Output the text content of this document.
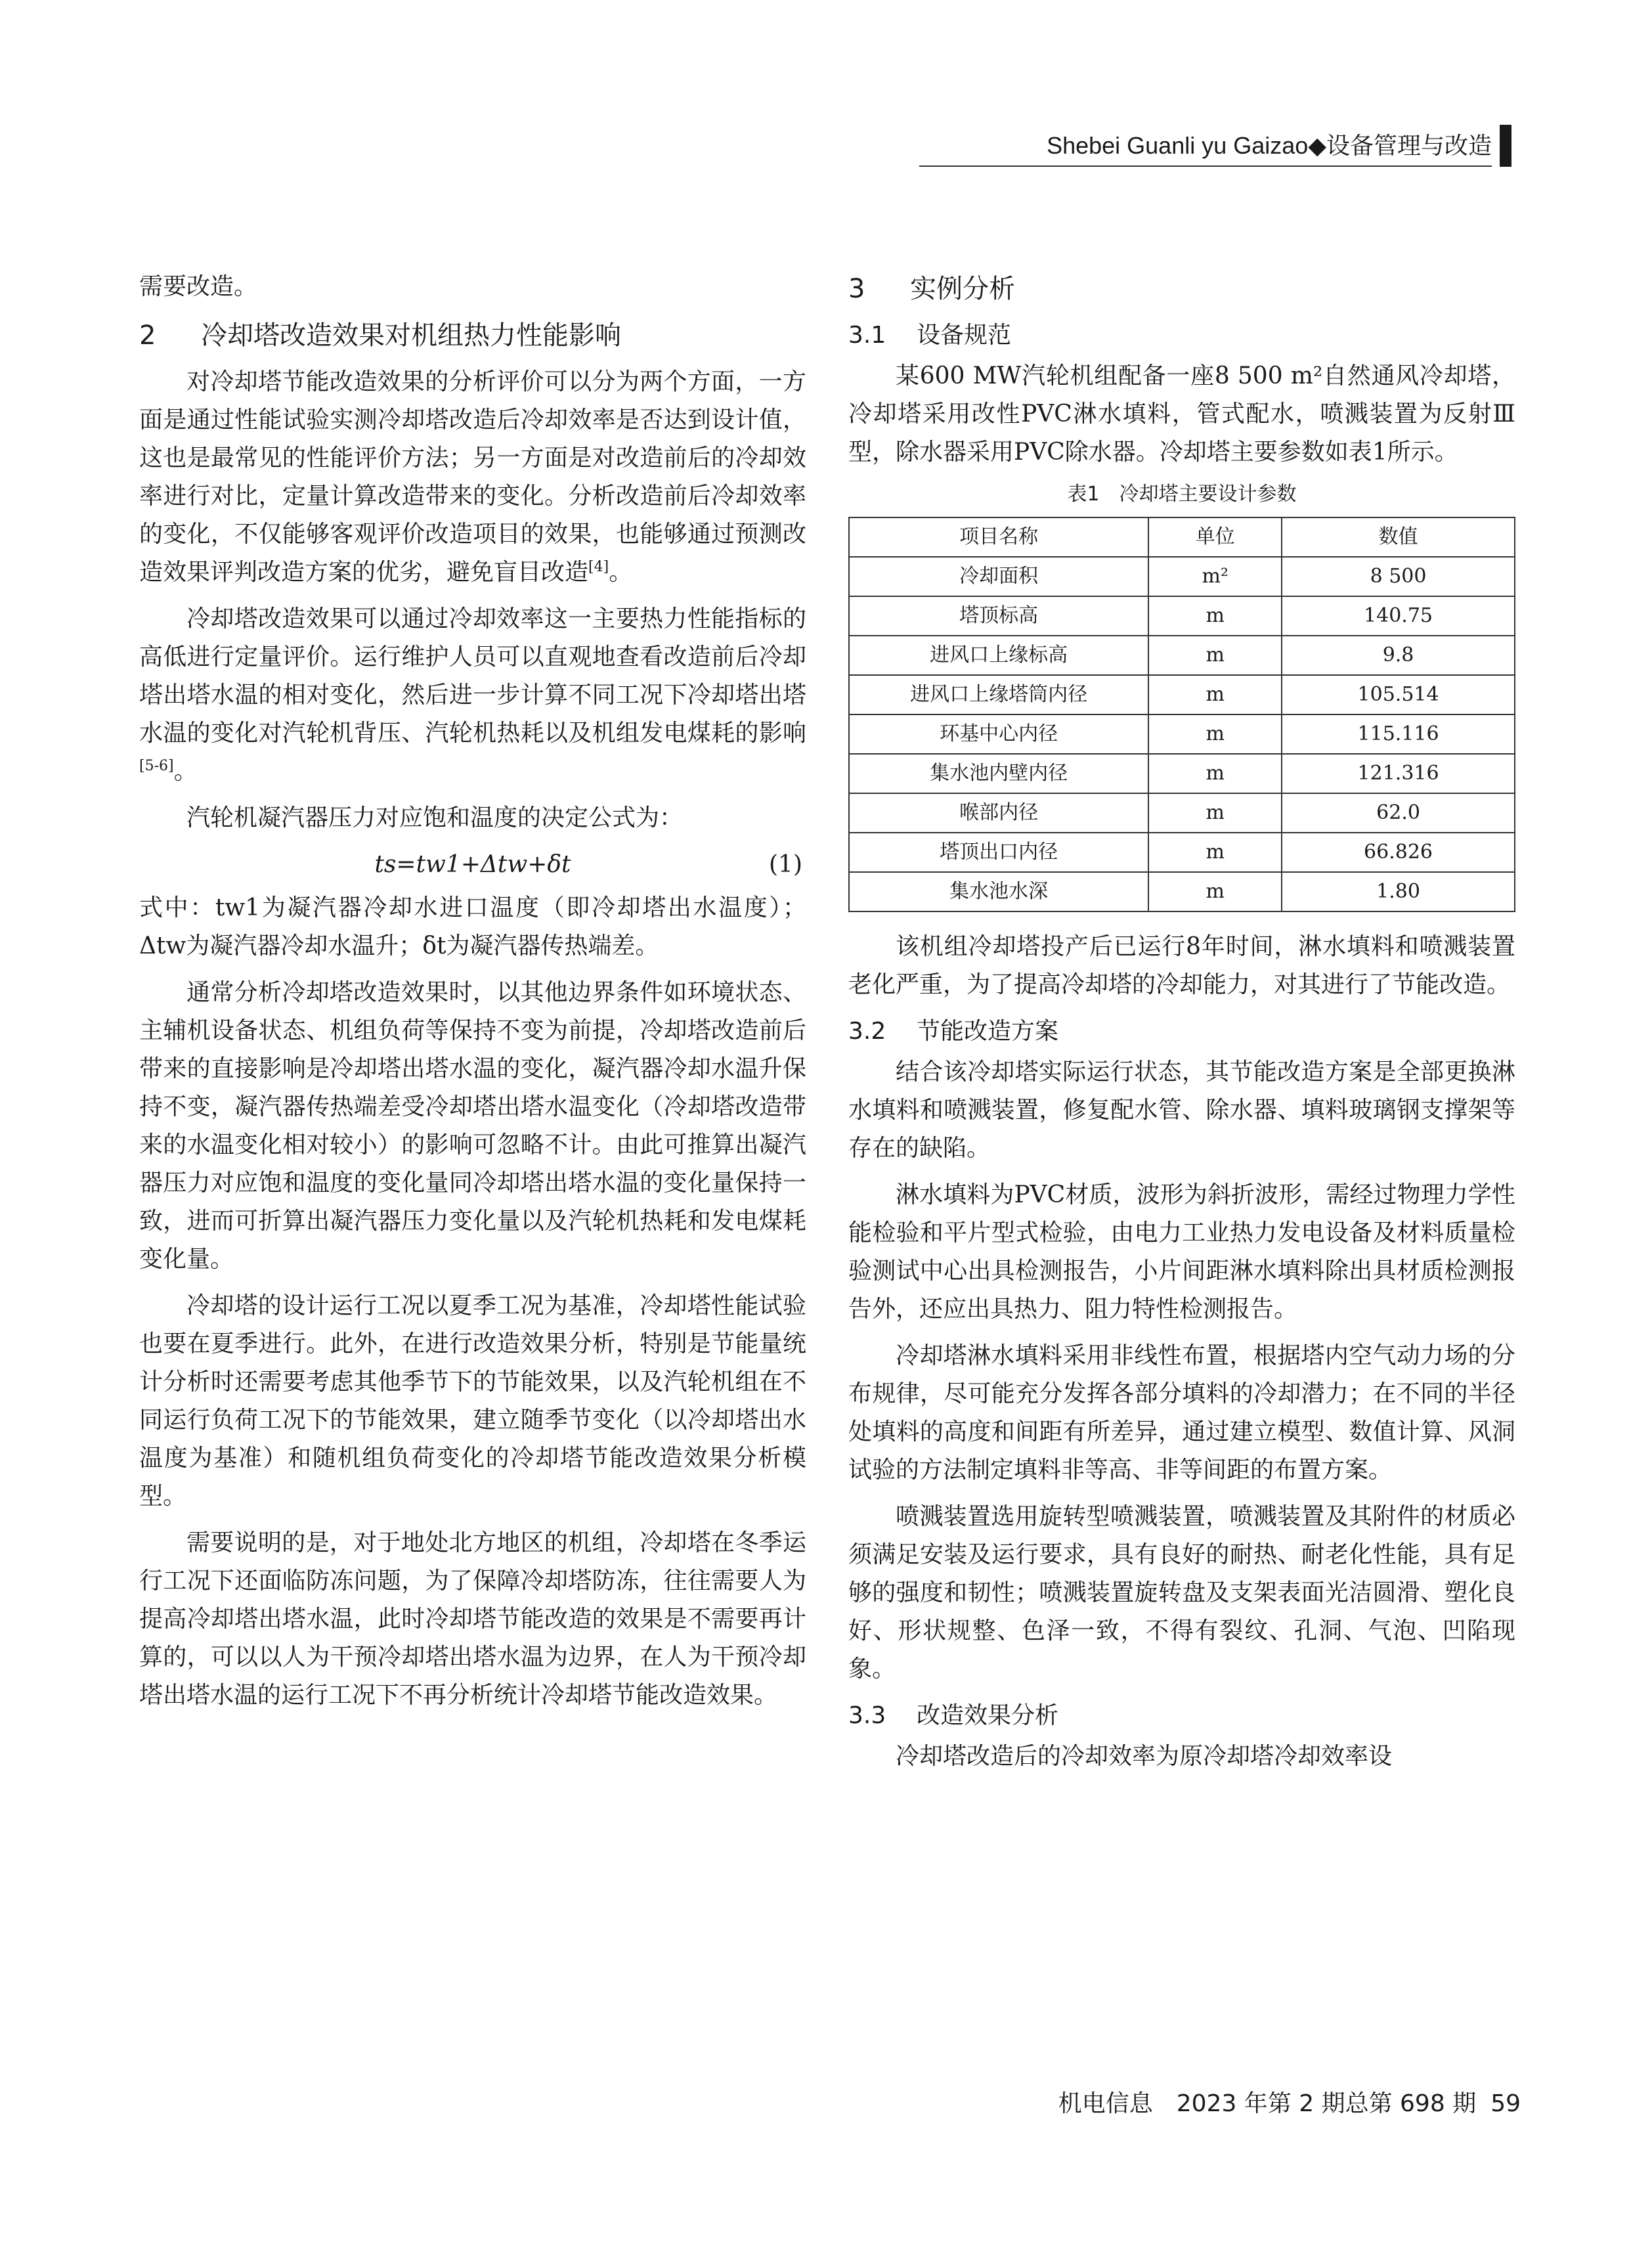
Shebei Guanli yu Gaizao◆设备管理与改造

需要改造。

2 冷却塔改造效果对机组热力性能影响

对冷却塔节能改造效果的分析评价可以分为两个方面，一方面是通过性能试验实测冷却塔改造后冷却效率是否达到设计值，这也是最常见的性能评价方法；另一方面是对改造前后的冷却效率进行对比，定量计算改造带来的变化。分析改造前后冷却效率的变化，不仅能够客观评价改造项目的效果，也能够通过预测改造效果评判改造方案的优劣，避免盲目改造[4]。

冷却塔改造效果可以通过冷却效率这一主要热力性能指标的高低进行定量评价。运行维护人员可以直观地查看改造前后冷却塔出塔水温的相对变化，然后进一步计算不同工况下冷却塔出塔水温的变化对汽轮机背压、汽轮机热耗以及机组发电煤耗的影响[5-6]。

汽轮机凝汽器压力对应饱和温度的决定公式为：

ts=tw1+Δtw+δt	(1)

式中：tw1为凝汽器冷却水进口温度（即冷却塔出水温度）；Δtw为凝汽器冷却水温升；δt为凝汽器传热端差。

通常分析冷却塔改造效果时，以其他边界条件如环境状态、主辅机设备状态、机组负荷等保持不变为前提，冷却塔改造前后带来的直接影响是冷却塔出塔水温的变化，凝汽器冷却水温升保持不变，凝汽器传热端差受冷却塔出塔水温变化（冷却塔改造带来的水温变化相对较小）的影响可忽略不计。由此可推算出凝汽器压力对应饱和温度的变化量同冷却塔出塔水温的变化量保持一致，进而可折算出凝汽器压力变化量以及汽轮机热耗和发电煤耗变化量。

冷却塔的设计运行工况以夏季工况为基准，冷却塔性能试验也要在夏季进行。此外，在进行改造效果分析，特别是节能量统计分析时还需要考虑其他季节下的节能效果，以及汽轮机组在不同运行负荷工况下的节能效果，建立随季节变化（以冷却塔出水温度为基准）和随机组负荷变化的冷却塔节能改造效果分析模型。

需要说明的是，对于地处北方地区的机组，冷却塔在冬季运行工况下还面临防冻问题，为了保障冷却塔防冻，往往需要人为提高冷却塔出塔水温，此时冷却塔节能改造的效果是不需要再计算的，可以以人为干预冷却塔出塔水温为边界，在人为干预冷却塔出塔水温的运行工况下不再分析统计冷却塔节能改造效果。

3 实例分析
3.1 设备规范

某600 MW汽轮机组配备一座8 500 m²自然通风冷却塔，冷却塔采用改性PVC淋水填料，管式配水，喷溅装置为反射Ⅲ型，除水器采用PVC除水器。冷却塔主要参数如表1所示。

表1　冷却塔主要设计参数
项目名称	单位	数值
冷却面积	m²	8 500
塔顶标高	m	140.75
进风口上缘标高	m	9.8
进风口上缘塔筒内径	m	105.514
环基中心内径	m	115.116
集水池内壁内径	m	121.316
喉部内径	m	62.0
塔顶出口内径	m	66.826
集水池水深	m	1.80

该机组冷却塔投产后已运行8年时间，淋水填料和喷溅装置老化严重，为了提高冷却塔的冷却能力，对其进行了节能改造。

3.2 节能改造方案

结合该冷却塔实际运行状态，其节能改造方案是全部更换淋水填料和喷溅装置，修复配水管、除水器、填料玻璃钢支撑架等存在的缺陷。

淋水填料为PVC材质，波形为斜折波形，需经过物理力学性能检验和平片型式检验，由电力工业热力发电设备及材料质量检验测试中心出具检测报告，小片间距淋水填料除出具材质检测报告外，还应出具热力、阻力特性检测报告。

冷却塔淋水填料采用非线性布置，根据塔内空气动力场的分布规律，尽可能充分发挥各部分填料的冷却潜力；在不同的半径处填料的高度和间距有所差异，通过建立模型、数值计算、风洞试验的方法制定填料非等高、非等间距的布置方案。

喷溅装置选用旋转型喷溅装置，喷溅装置及其附件的材质必须满足安装及运行要求，具有良好的耐热、耐老化性能，具有足够的强度和韧性；喷溅装置旋转盘及支架表面光洁圆滑、塑化良好、形状规整、色泽一致，不得有裂纹、孔洞、气泡、凹陷现象。

3.3 改造效果分析

冷却塔改造后的冷却效率为原冷却塔冷却效率设

机电信息　2023 年第 2 期总第 698 期 59
